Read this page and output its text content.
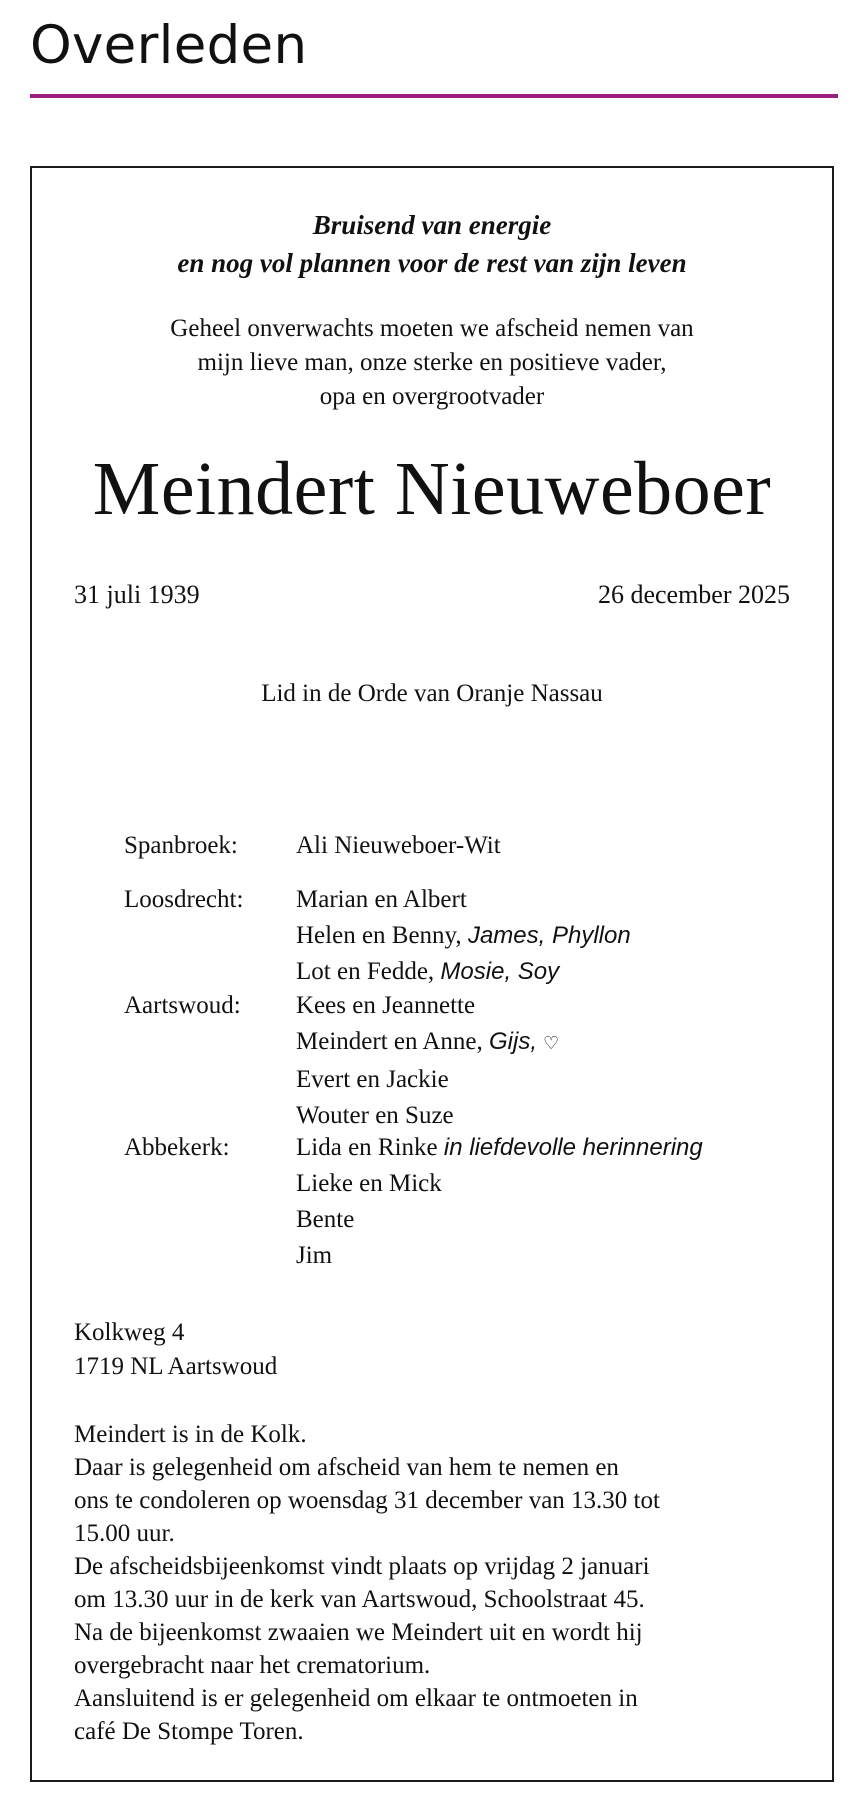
Overleden
Bruisend van energie
en nog vol plannen voor de rest van zijn leven
Geheel onverwachts moeten we afscheid nemen van
mijn lieve man, onze sterke en positieve vader,
opa en overgrootvader
Meindert Nieuweboer
31 juli 1939	26 december 2025
Lid in de Orde van Oranje Nassau
Spanbroek: Ali Nieuweboer-Wit
Loosdrecht: Marian en Albert
Helen en Benny, James, Phyllon
Lot en Fedde, Mosie, Soy
Aartswoud: Kees en Jeannette
Meindert en Anne, Gijs, ♡
Evert en Jackie
Wouter en Suze
Abbekerk:	Lida en Rinke in liefdevolle herinnering
Lieke en Mick
Bente
Jim
Kolkweg 4
1719 NL Aartswoud
Meindert is in de Kolk.
Daar is gelegenheid om afscheid van hem te nemen en
ons te condoleren op woensdag 31 december van 13.30 tot
15.00 uur.
De afscheidsbijeenkomst vindt plaats op vrijdag 2 januari
om 13.30 uur in de kerk van Aartswoud, Schoolstraat 45.
Na de bijeenkomst zwaaien we Meindert uit en wordt hij
overgebracht naar het crematorium.
Aansluitend is er gelegenheid om elkaar te ontmoeten in
café De Stompe Toren.
